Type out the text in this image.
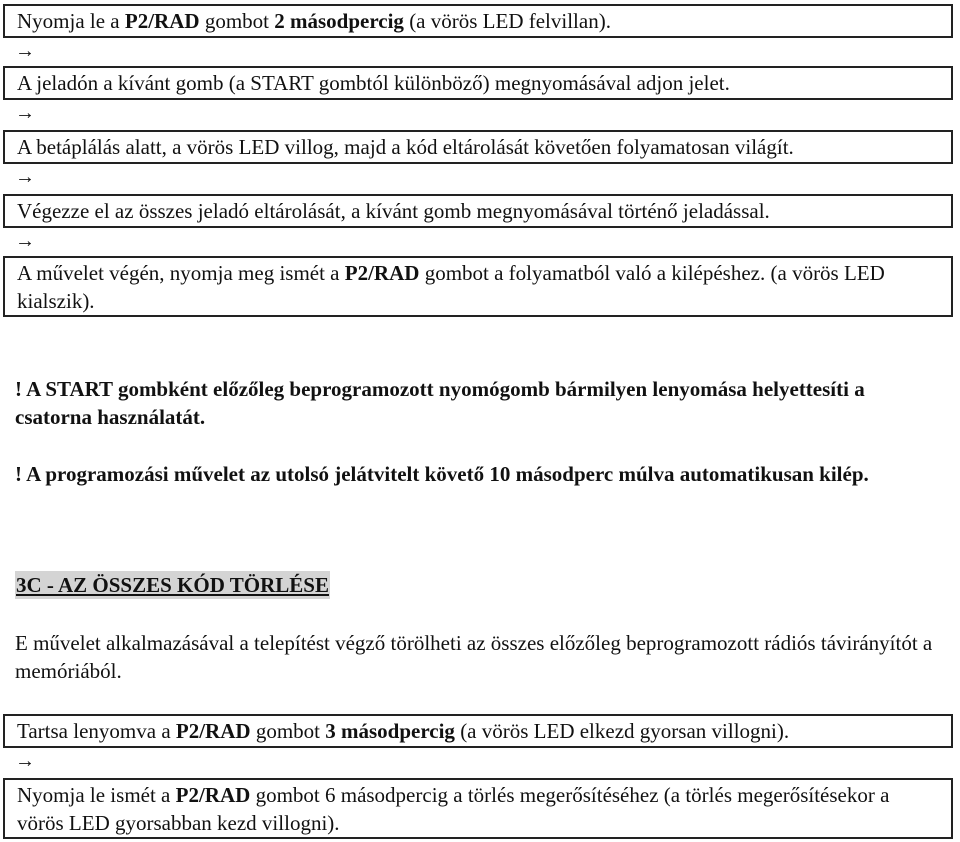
Nyomja le a P2/RAD gombot 2 másodpercig (a vörös LED felvillan).
→
A jeladón a kívánt gomb (a START gombtól különböző) megnyomásával adjon jelet.
→
A betáplálás alatt, a vörös LED villog, majd a kód eltárolását követően folyamatosan világít.
→
Végezze el az összes jeladó eltárolását, a kívánt gomb megnyomásával történő jeladással.
→
A művelet végén, nyomja meg ismét a P2/RAD gombot a folyamatból való a kilépéshez. (a vörös LED kialszik).
! A START gombként előzőleg beprogramozott nyomógomb bármilyen lenyomása helyettesíti a csatorna használatát.
! A programozási művelet az utolsó jelátvitelt követő 10 másodperc múlva automatikusan kilép.
3C - AZ ÖSSZES KÓD TÖRLÉSE
E művelet alkalmazásával a telepítést végző törölheti az összes előzőleg beprogramozott rádiós távirányítót a memóriából.
Tartsa lenyomva a P2/RAD gombot 3 másodpercig (a vörös LED elkezd gyorsan villogni).
→
Nyomja le ismét a P2/RAD gombot 6 másodpercig a törlés megerősítéséhez (a törlés megerősítésekor a vörös LED gyorsabban kezd villogni).
